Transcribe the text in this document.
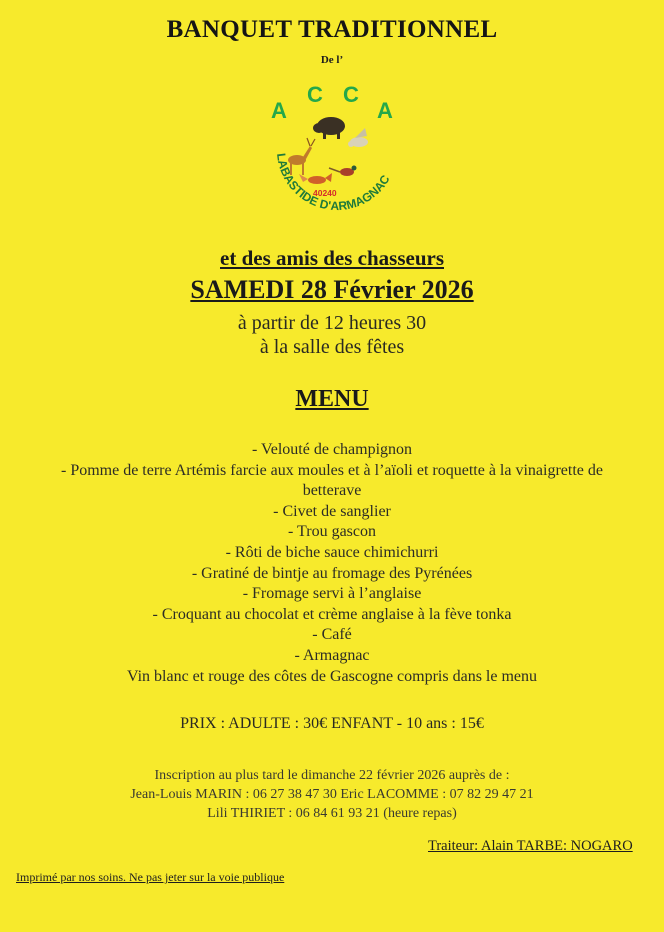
BANQUET TRADITIONNEL
De l’
A
C C
A
40240
LABASTIDE D'ARMAGNAC
et des amis des chasseurs
SAMEDI 28 Février 2026
à partir de 12 heures 30
à la salle des fêtes
MENU
- Velouté de champignon
- Pomme de terre Artémis farcie aux moules et à l’aïoli et roquette à la vinaigrette de betterave
- Civet de sanglier
- Trou gascon
- Rôti de biche sauce chimichurri
- Gratiné de bintje au fromage des Pyrénées
- Fromage servi à l’anglaise
- Croquant au chocolat et crème anglaise à la fève tonka
- Café
- Armagnac
Vin blanc et rouge des côtes de Gascogne compris dans le menu
PRIX : ADULTE : 30€ ENFANT - 10 ans : 15€
Inscription au plus tard le dimanche 22 février 2026 auprès de :
Jean-Louis MARIN : 06 27 38 47 30 Eric LACOMME : 07 82 29 47 21
Lili THIRIET : 06 84 61 93 21 (heure repas)
Traiteur: Alain TARBE: NOGARO
Imprimé par nos soins. Ne pas jeter sur la voie publique
